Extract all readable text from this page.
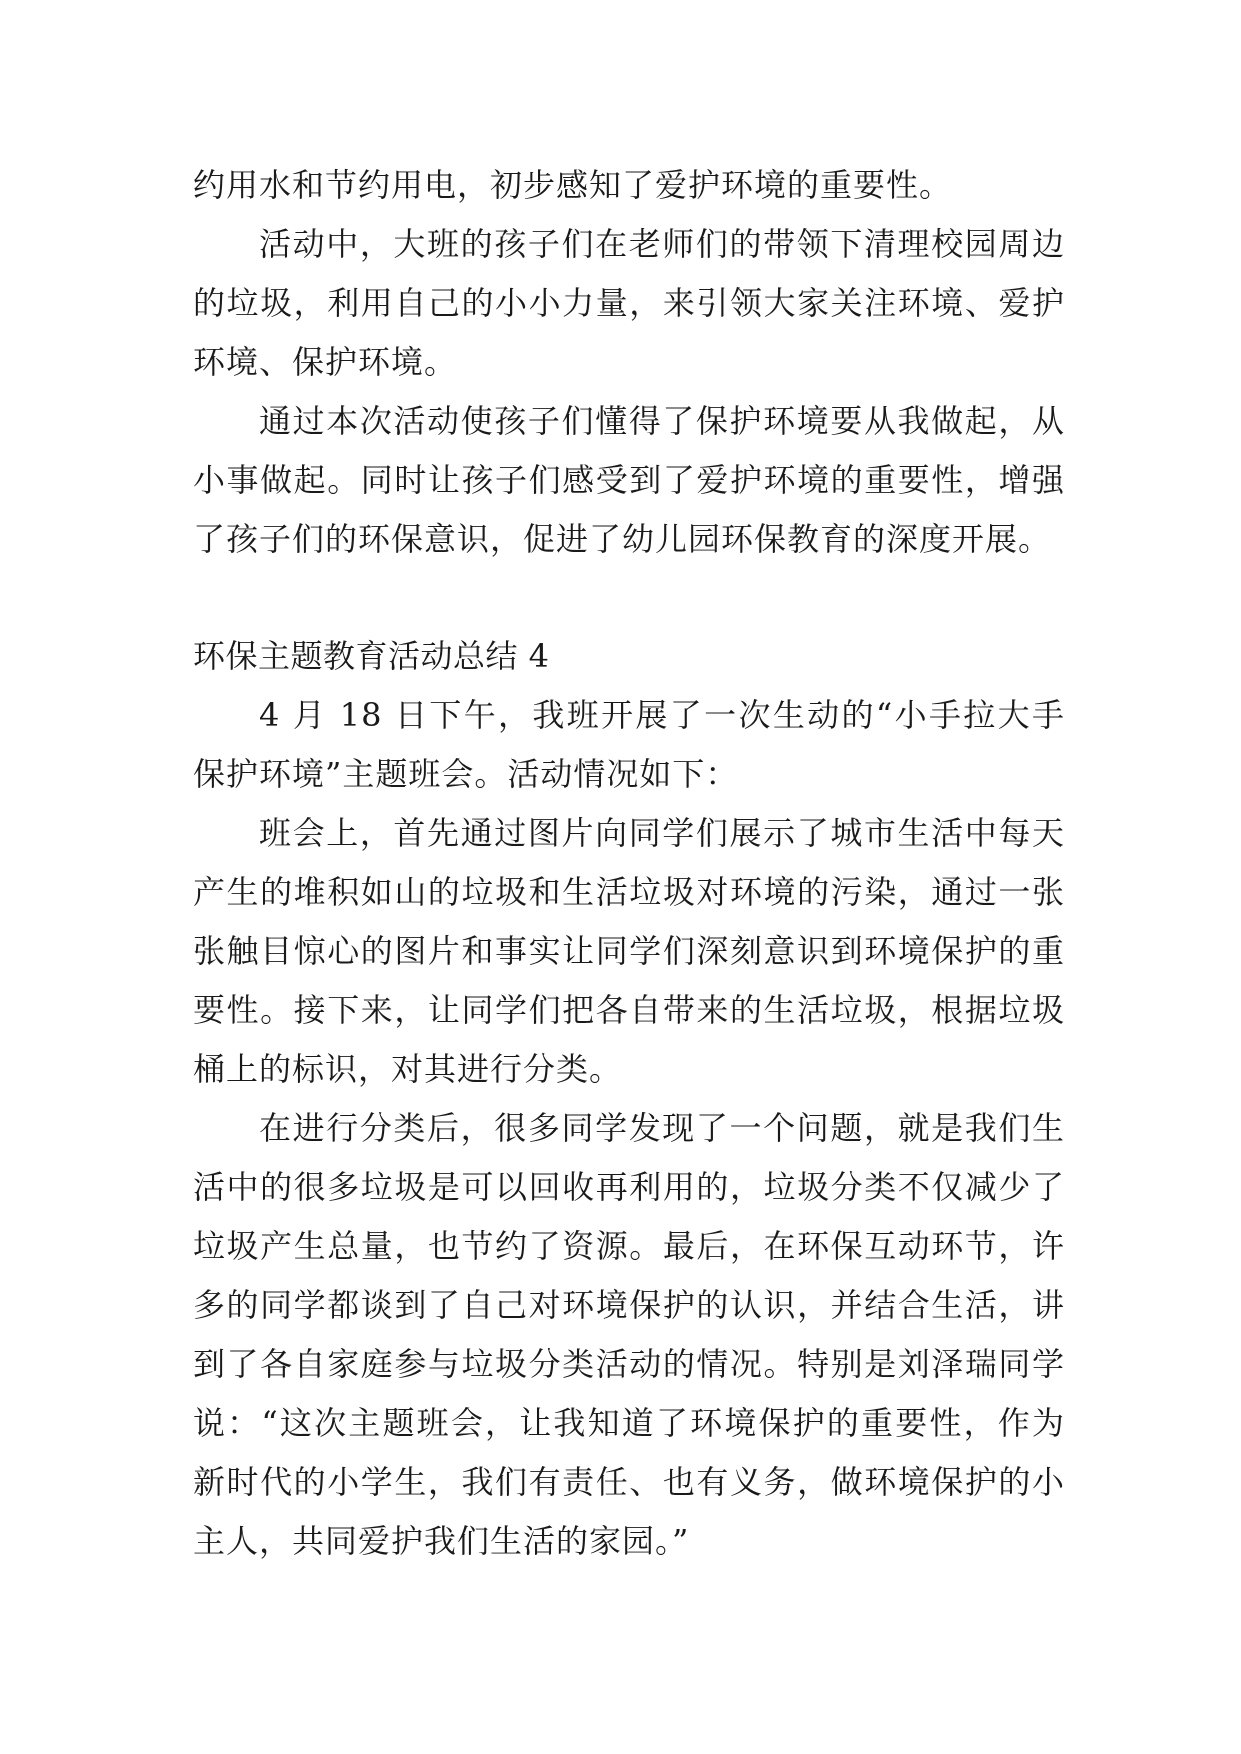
约用水和节约用电，初步感知了爱护环境的重要性。

活动中，大班的孩子们在老师们的带领下清理校园周边的垃圾，利用自己的小小力量，来引领大家关注环境、爱护环境、保护环境。

通过本次活动使孩子们懂得了保护环境要从我做起，从小事做起。同时让孩子们感受到了爱护环境的重要性，增强了孩子们的环保意识，促进了幼儿园环保教育的深度开展。

环保主题教育活动总结 4

4 月 18 日下午，我班开展了一次生动的“小手拉大手保护环境”主题班会。活动情况如下：

班会上，首先通过图片向同学们展示了城市生活中每天产生的堆积如山的垃圾和生活垃圾对环境的污染，通过一张张触目惊心的图片和事实让同学们深刻意识到环境保护的重要性。接下来，让同学们把各自带来的生活垃圾，根据垃圾桶上的标识，对其进行分类。

在进行分类后，很多同学发现了一个问题，就是我们生活中的很多垃圾是可以回收再利用的，垃圾分类不仅减少了垃圾产生总量，也节约了资源。最后，在环保互动环节，许多的同学都谈到了自己对环境保护的认识，并结合生活，讲到了各自家庭参与垃圾分类活动的情况。特别是刘泽瑞同学说：“这次主题班会，让我知道了环境保护的重要性，作为新时代的小学生，我们有责任、也有义务，做环境保护的小主人，共同爱护我们生活的家园。”
